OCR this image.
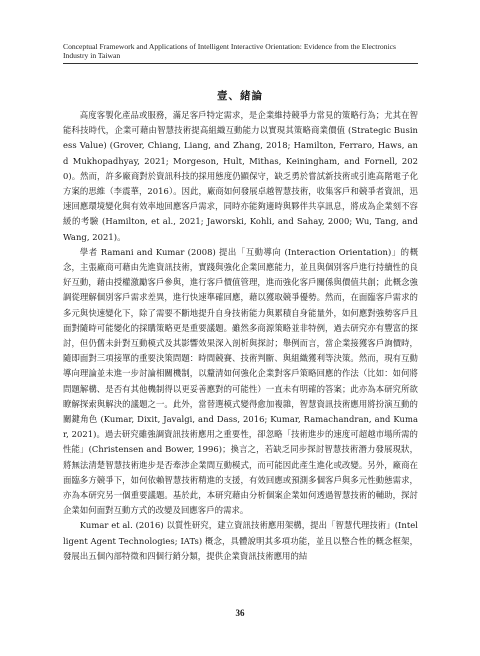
Conceptual Framework and Applications of Intelligent Interactive Orientation: Evidence from the Electronics Industry in Taiwan
壹、緒論

高度客製化產品或服務，滿足客戶特定需求，是企業維持競爭力常見的策略行為；尤其在智能科技時代，企業可藉由智慧技術提高組織互動能力以實現其策略商業價值 (Strategic Business Value) (Grover, Chiang, Liang, and Zhang, 2018; Hamilton, Ferraro, Haws, and Mukhopadhyay, 2021; Morgeson, Hult, Mithas, Keiningham, and Fornell, 2020)。然而，許多廠商對於資訊科技的採用態度仍顯保守，缺乏勇於嘗試新技術或引進高階電子化方案的思維（李震華，2016）。因此，廠商如何發展卓越智慧技術，收集客戶和競爭者資訊，迅速回應環境變化與有效率地回應客戶需求，同時亦能夠適時與夥伴共享訊息，將成為企業刻不容緩的考驗 (Hamilton, et al., 2021; Jaworski, Kohli, and Sahay, 2000; Wu, Tang, and Wang, 2021)。

學者 Ramani and Kumar (2008) 提出「互動導向 (Interaction Orientation)」的概念，主張廠商可藉由先進資訊技術，實踐與強化企業回應能力，並且與個別客戶進行持續性的良好互動，藉由授權激勵客戶參與，進行客戶價值管理，進而強化客戶關係與價值共創；此概念強調從理解個別客戶需求差異，進行快速準確回應，藉以獲取競爭優勢。然而，在面臨客戶需求的多元與快速變化下，除了需要不斷地提升自身技術能力與累積自身能量外，如何應對強勢客戶且面對隨時可能變化的採購策略更是重要議題。雖然多商源策略並非特例，過去研究亦有豐富的探討，但仍舊未針對互動模式及其影響效果深入剖析與探討；舉例而言，當企業接獲客戶詢價時，隨即面對三項接單的重要決策問題：時間競賽、技術判斷、與組織獲利等決策。然而，現有互動導向理論並未進一步討論相關機制，以釐清如何強化企業對客戶策略回應的作法（比如：如何將問題解構、是否有其他機制得以更妥善應對的可能性）一直未有明確的答案；此亦為本研究所欲瞭解探索與解決的議題之一。此外，當替選模式變得愈加複雜，智慧資訊技術應用將扮演互動的關鍵角色 (Kumar, Dixit, Javalgi, and Dass, 2016; Kumar, Ramachandran, and Kumar, 2021)。過去研究雖強調資訊技術應用之重要性，卻忽略「技術進步的速度可超越市場所需的性能」(Christensen and Bower, 1996)；換言之，若缺乏同步探討智慧技術潛力發展現狀，將無法清楚智慧技術進步是否牽涉企業間互動模式，而可能因此產生進化或改變。另外，廠商在面臨多方競爭下，如何依賴智慧技術精進的支援，有效回應或預測多個客戶與多元性動態需求，亦為本研究另一個重要議題。基於此，本研究藉由分析個案企業如何透過智慧技術的輔助，探討企業如何面對互動方式的改變及回應客戶的需求。

Kumar et al. (2016) 以質性研究，建立資訊技術應用架構，提出「智慧代理技術」(Intelligent Agent Technologies; IATs) 概念，具體說明其多項功能，並且以整合性的概念框架，發展出五個內部特徵和四個行銷分類，提供企業資訊技術應用的結

36
